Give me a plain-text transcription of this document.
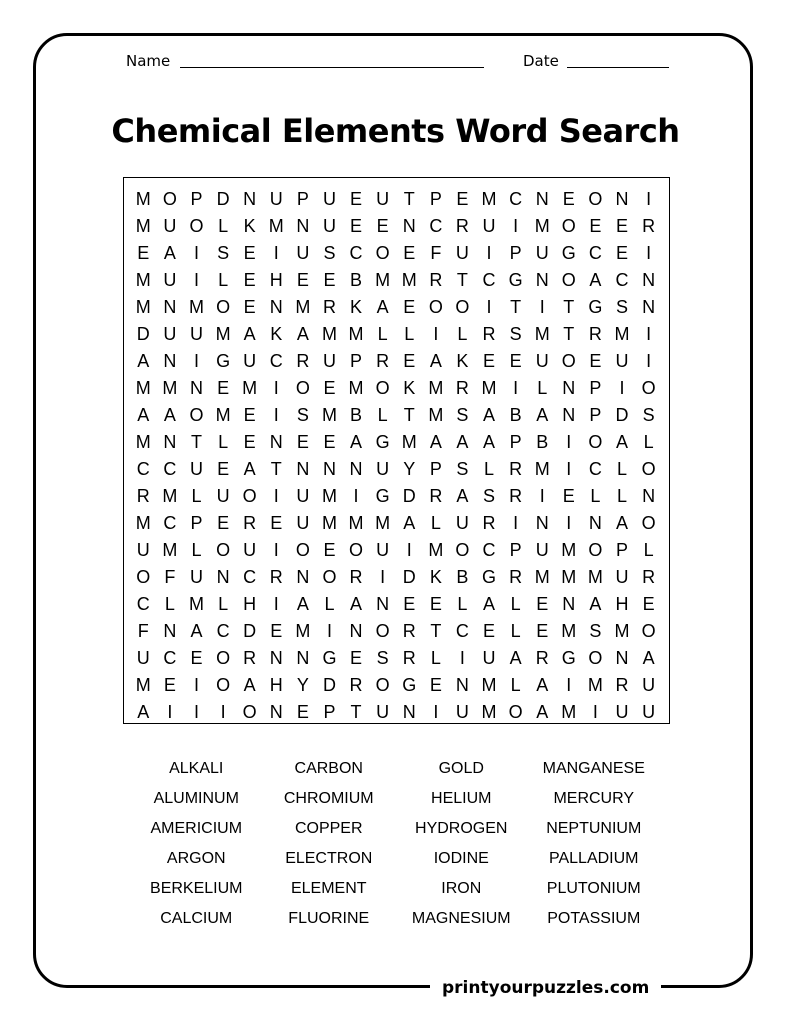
Name	Date
Chemical Elements Word Search
M O P D N U P U E U T P E M C N E O N I
M U O L K M N U E E N C R U I M O E E R
E A	I	S E	I U S C O E F U I	P U G C E	I
M U I	L E H E E B M M R T C G N O A C N
M N M O E N M R K A E O O I	T	I	T G S N
D U U M A K A M M L L	I	L R S M T R M I
A N I G U C R U P R E A K E E U O E U I
M M N E M I O E M O K M R M I	L N P	I O
A A O M E	I	S M B L T M S A B A N P D S
M N T L E N E E A G M A A A P B	I O A L
C C U E A T N N N U Y P S L R M I C L O
R M L U O I U M I G D R A S R I	E L L N
M C P E R E U M M M A L U R I N I N A O
U M L O U I O E O U I M O C P U M O P L
O F U N C R N O R I D K B G R M M M U R
C L M L H I	A L A N E E L A L E N A H E
F N A C D E M I N O R T C E L E M S M O
U C E O R N N G E S R L	I U A R G O N A
M E	I O A H Y D R O G E N M L A	I M R U
A	I	I	I O N E P T U N I U M O A M I U U
ALKALI	CARBON	GOLD	MANGANESE
ALUMINUM	CHROMIUM	HELIUM	MERCURY
AMERICIUM	COPPER	HYDROGEN	NEPTUNIUM
ARGON	ELECTRON	IODINE	PALLADIUM
BERKELIUM	ELEMENT	IRON	PLUTONIUM
CALCIUM	FLUORINE	MAGNESIUM	POTASSIUM
printyourpuzzles.com
